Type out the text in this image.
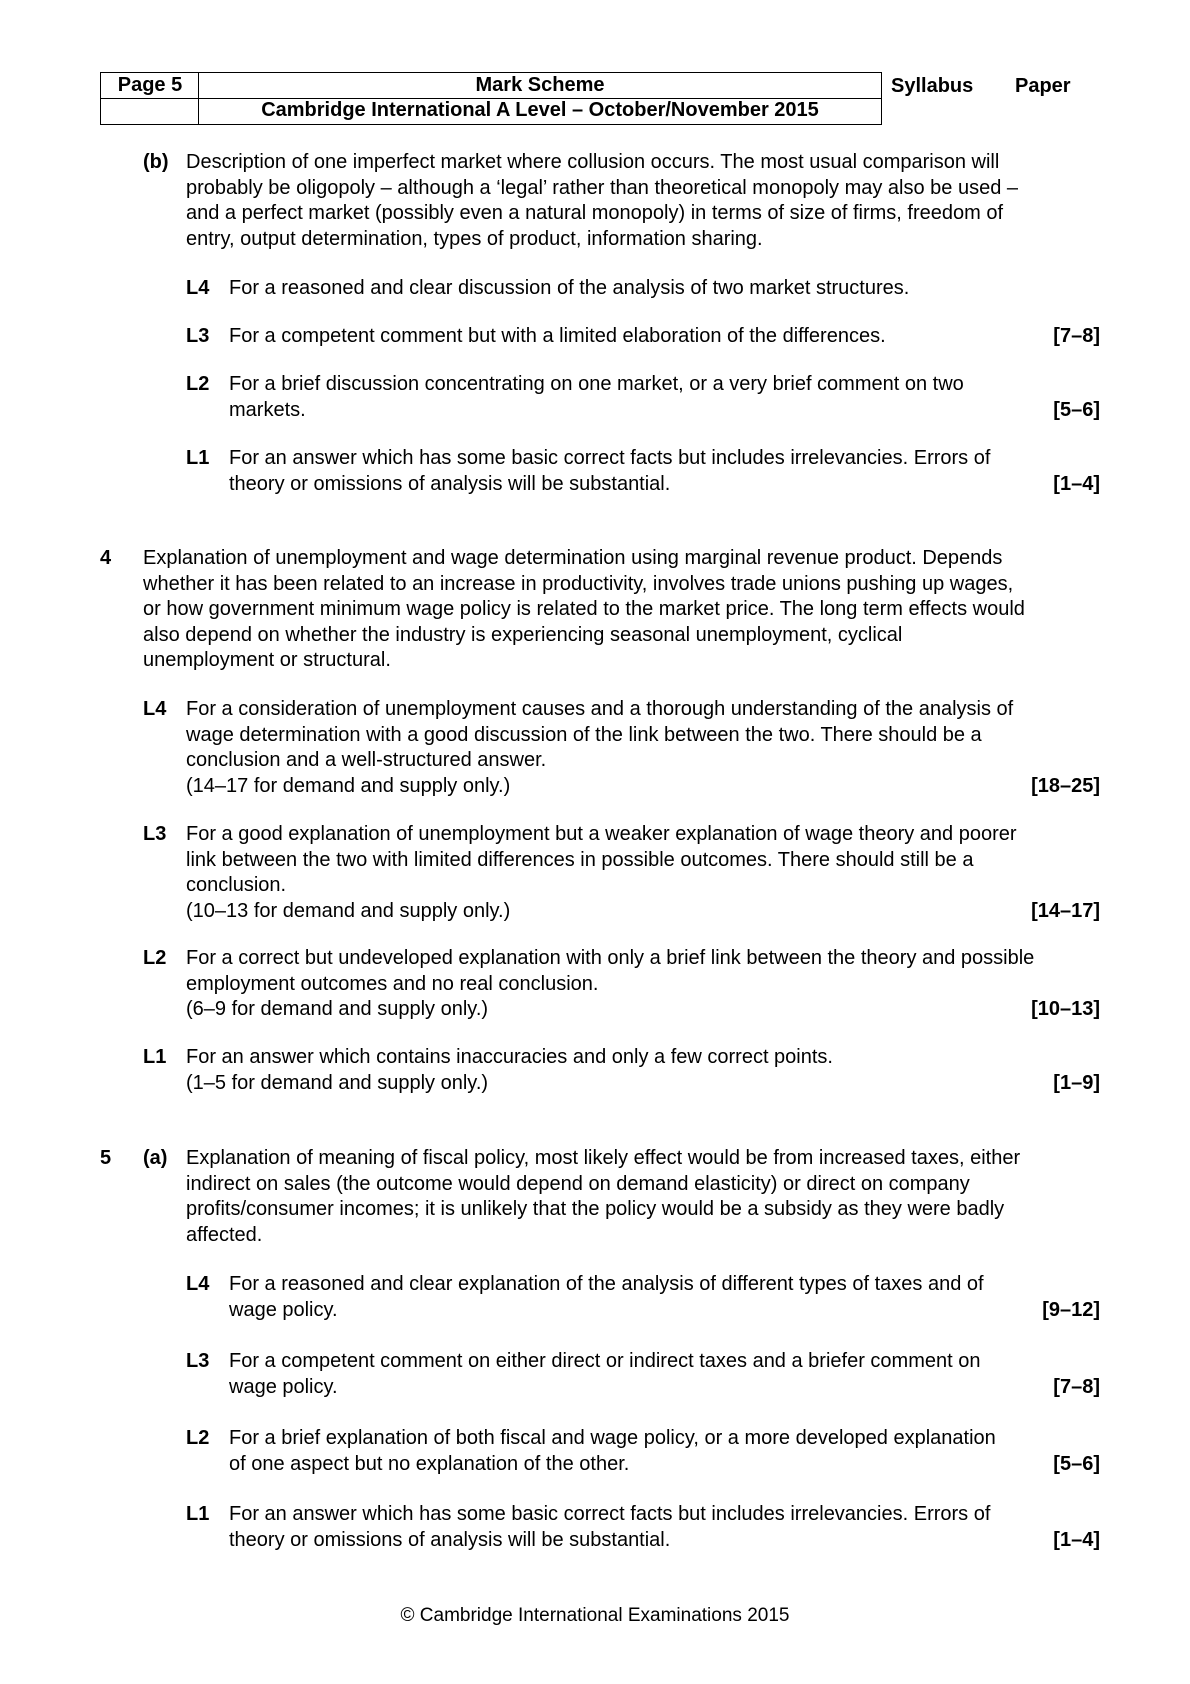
Page 5	Mark Scheme
Cambridge International A Level – October/November 2015
Syllabus Paper
(b) Description of one imperfect market where collusion occurs. The most usual comparison will
probably be oligopoly – although a ‘legal’ rather than theoretical monopoly may also be used –
and a perfect market (possibly even a natural monopoly) in terms of size of firms, freedom of
entry, output determination, types of product, information sharing.
L4 For a reasoned and clear discussion of the analysis of two market structures.
L3 For a competent comment but with a limited elaboration of the differences.	[7–8]
L2 For a brief discussion concentrating on one market, or a very brief comment on two
markets.	[5–6]
L1 For an answer which has some basic correct facts but includes irrelevancies. Errors of
theory or omissions of analysis will be substantial.	[1–4]
4 Explanation of unemployment and wage determination using marginal revenue product. Depends
whether it has been related to an increase in productivity, involves trade unions pushing up wages,
or how government minimum wage policy is related to the market price. The long term effects would
also depend on whether the industry is experiencing seasonal unemployment, cyclical
unemployment or structural.
L4 For a consideration of unemployment causes and a thorough understanding of the analysis of
wage determination with a good discussion of the link between the two. There should be a
conclusion and a well-structured answer.
(14–17 for demand and supply only.)	[18–25]
L3 For a good explanation of unemployment but a weaker explanation of wage theory and poorer
link between the two with limited differences in possible outcomes. There should still be a
conclusion.
(10–13 for demand and supply only.)	[14–17]
L2 For a correct but undeveloped explanation with only a brief link between the theory and possible
employment outcomes and no real conclusion.
(6–9 for demand and supply only.)	[10–13]
L1 For an answer which contains inaccuracies and only a few correct points.
(1–5 for demand and supply only.)	[1–9]
5 (a) Explanation of meaning of fiscal policy, most likely effect would be from increased taxes, either
indirect on sales (the outcome would depend on demand elasticity) or direct on company
profits/consumer incomes; it is unlikely that the policy would be a subsidy as they were badly
affected.
L4 For a reasoned and clear explanation of the analysis of different types of taxes and of
wage policy.	[9–12]
L3 For a competent comment on either direct or indirect taxes and a briefer comment on
wage policy.	[7–8]
L2 For a brief explanation of both fiscal and wage policy, or a more developed explanation
of one aspect but no explanation of the other.	[5–6]
L1 For an answer which has some basic correct facts but includes irrelevancies. Errors of
theory or omissions of analysis will be substantial.	[1–4]
© Cambridge International Examinations 2015
